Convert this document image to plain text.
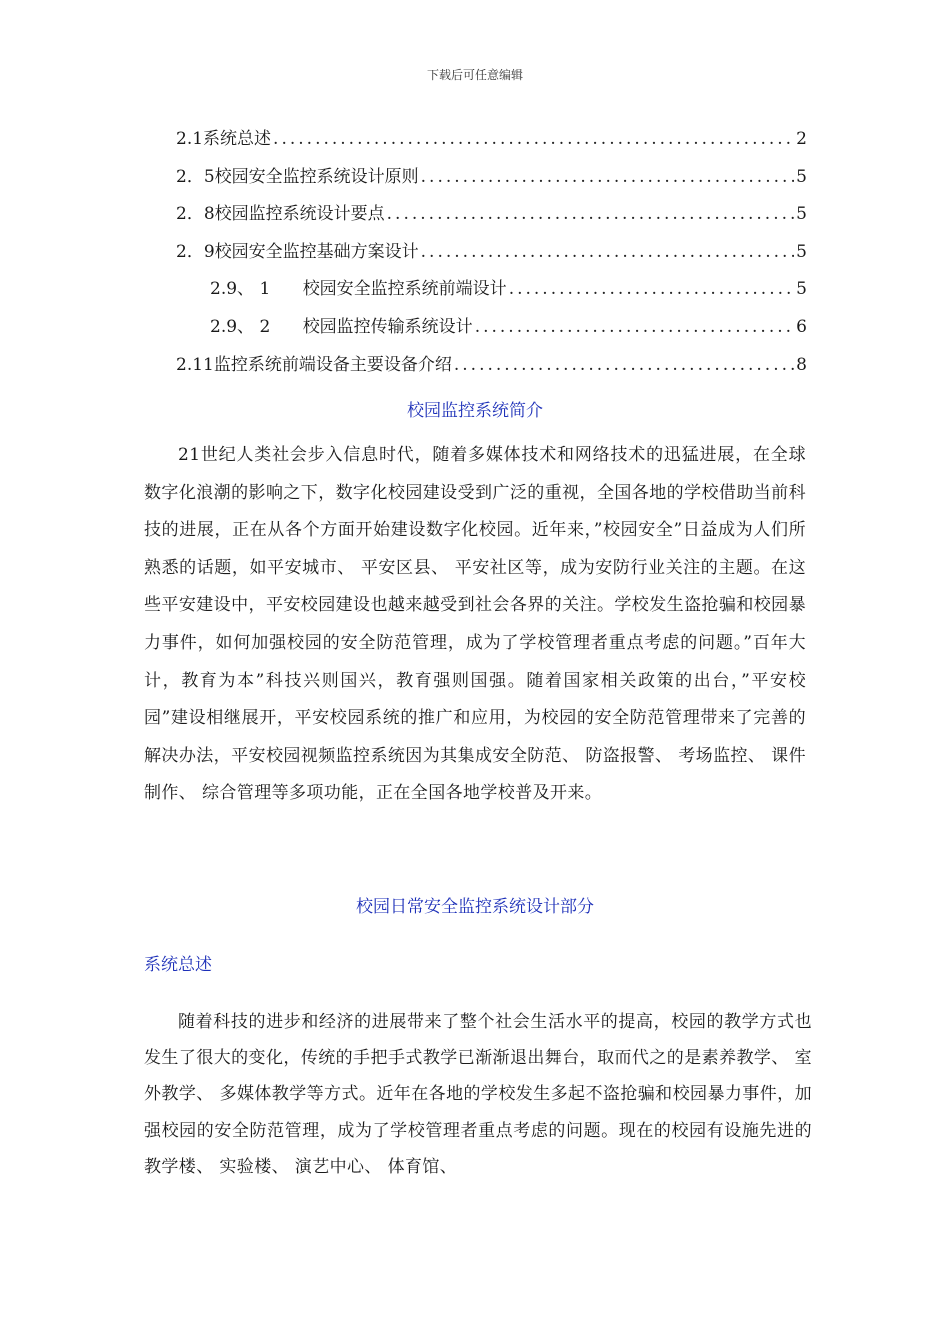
下载后可任意编辑
2.1 系统总述 .....	2
2．5 校园安全监控系统设计原则 .....	5
2．8 校园监控系统设计要点 .....	5
2．9 校园安全监控基础方案设计 .....	5
2.9、 1 校园安全监控系统前端设计 .....	5
2.9、 2 校园监控传输系统设计 .....	6
2.11 监控系统前端设备主要设备介绍 .....	8
校园监控系统简介

21世纪人类社会步入信息时代，随着多媒体技术和网络技术的迅猛进展，在全球数字化浪潮的影响之下，数字化校园建设受到广泛的重视，全国各地的学校借助当前科技的进展，正在从各个方面开始建设数字化校园。近年来，”校园安全”日益成为人们所熟悉的话题，如平安城市、 平安区县、 平安社区等，成为安防行业关注的主题。在这些平安建设中，平安校园建设也越来越受到社会各界的关注。学校发生盗抢骗和校园暴力事件，如何加强校园的安全防范管理，成为了学校管理者重点考虑的问题。”百年大计，教育为本”科技兴则国兴，教育强则国强。随着国家相关政策的出台，”平安校园”建设相继展开，平安校园系统的推广和应用，为校园的安全防范管理带来了完善的解决办法，平安校园视频监控系统因为其集成安全防范、 防盗报警、 考场监控、 课件制作、 综合管理等多项功能，正在全国各地学校普及开来。

校园日常安全监控系统设计部分
系统总述

随着科技的进步和经济的进展带来了整个社会生活水平的提高，校园的教学方式也发生了很大的变化，传统的手把手式教学已渐渐退出舞台，取而代之的是素养教学、 室外教学、 多媒体教学等方式。近年在各地的学校发生多起不盗抢骗和校园暴力事件，加强校园的安全防范管理，成为了学校管理者重点考虑的问题。现在的校园有设施先进的教学楼、 实验楼、 演艺中心、 体育馆、
